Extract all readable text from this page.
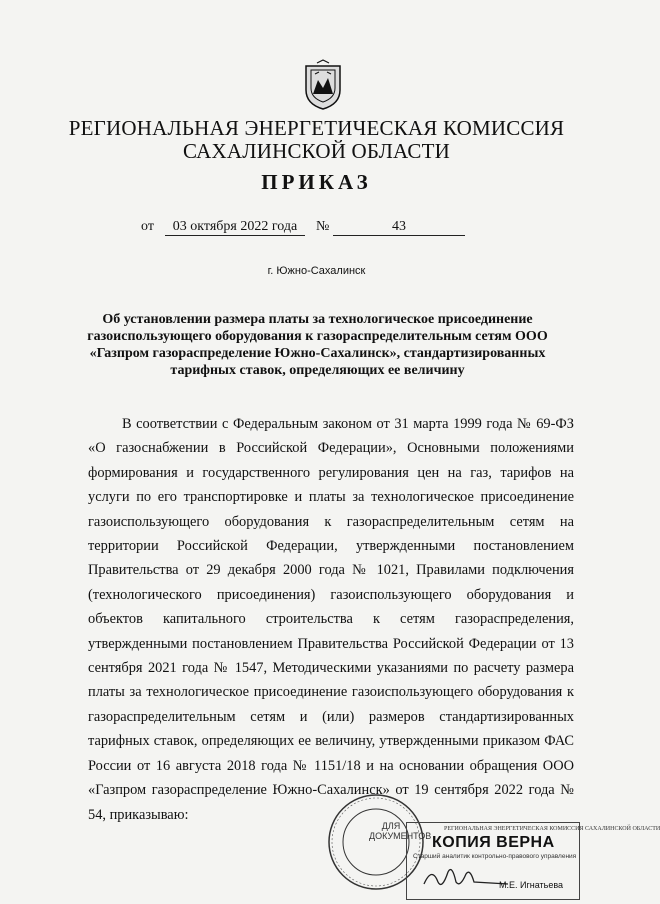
РЕГИОНАЛЬНАЯ ЭНЕРГЕТИЧЕСКАЯ КОМИССИЯ
САХАЛИНСКОЙ ОБЛАСТИ
ПРИКАЗ
от	03 октября 2022 года	№	43
г. Южно-Сахалинск
Об установлении размера платы за технологическое присоединение газоиспользующего оборудования к газораспределительным сетям ООО «Газпром газораспределение Южно-Сахалинск», стандартизированных тарифных ставок, определяющих ее величину
В соответствии с Федеральным законом от 31 марта 1999 года № 69-ФЗ «О газоснабжении в Российской Федерации», Основными положениями формирования и государственного регулирования цен на газ, тарифов на услуги по его транспортировке и платы за технологическое присоединение газоиспользующего оборудования к газораспределительным сетям на территории Российской Федерации, утвержденными постановлением Правительства от 29 декабря 2000 года № 1021, Правилами подключения (технологического присоединения) газоиспользующего оборудования и объектов капитального строительства к сетям газораспределения, утвержденными постановлением Правительства Российской Федерации от 13 сентября 2021 года № 1547, Методическими указаниями по расчету размера платы за технологическое присоединение газоиспользующего оборудования к газораспределительным сетям и (или) размеров стандартизированных тарифных ставок, определяющих ее величину, утвержденными приказом ФАС России от 16 августа 2018 года № 1151/18 и на основании обращения ООО «Газпром газораспределение Южно-Сахалинск» от 19 сентября 2022 года № 54, приказываю:
ДЛЯ ДОКУМЕНТОВ
РЕГИОНАЛЬНАЯ ЭНЕРГЕТИЧЕСКАЯ КОМИССИЯ САХАЛИНСКОЙ ОБЛАСТИ
КОПИЯ ВЕРНА
Старший аналитик контрольно-правового управления
М.Е. Игнатьева
